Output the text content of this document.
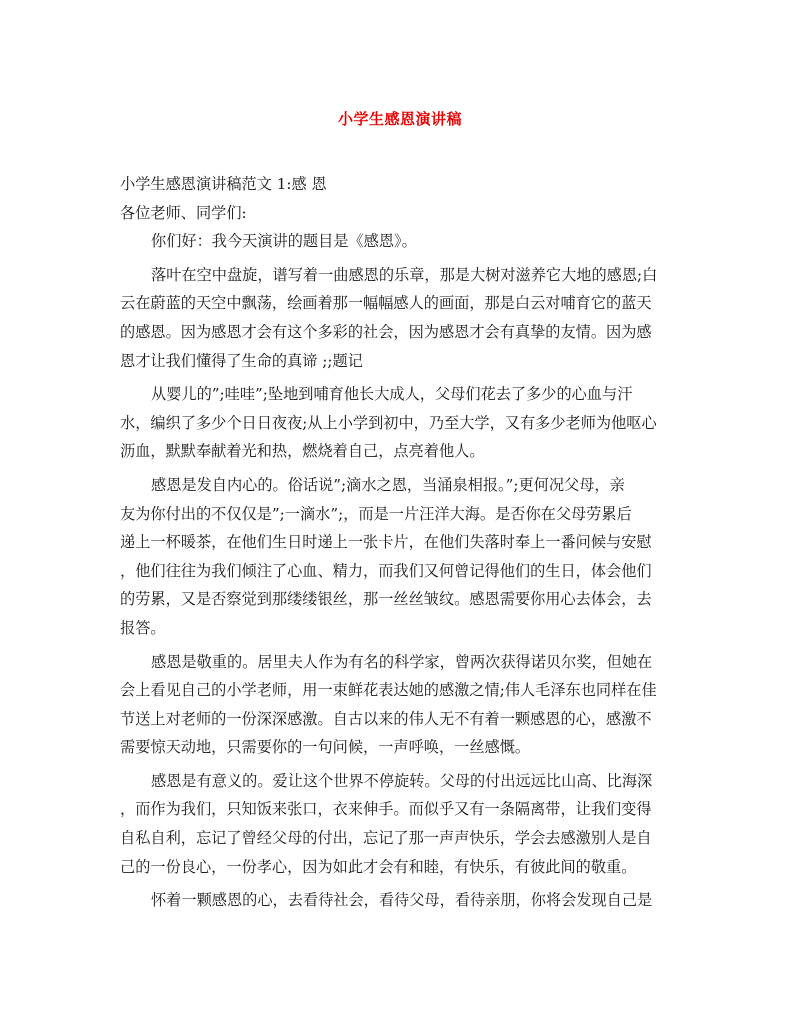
小学生感恩演讲稿
小学生感恩演讲稿范文 1:感 恩
各位老师、同学们:
你们好：我今天演讲的题目是《感恩》。
落叶在空中盘旋，谱写着一曲感恩的乐章，那是大树对滋养它大地的感恩;白
云在蔚蓝的天空中飘荡，绘画着那一幅幅感人的画面，那是白云对哺育它的蓝天
的感恩。因为感恩才会有这个多彩的社会，因为感恩才会有真挚的友情。因为感
恩才让我们懂得了生命的真谛 ;;题记
从婴儿的”;哇哇”;坠地到哺育他长大成人，父母们花去了多少的心血与汗
水，编织了多少个日日夜夜;从上小学到初中，乃至大学，又有多少老师为他呕心
沥血，默默奉献着光和热，燃烧着自己，点亮着他人。
感恩是发自内心的。俗话说”;滴水之恩，当涌泉相报。”;更何况父母，亲
友为你付出的不仅仅是”;一滴水”;，而是一片汪洋大海。是否你在父母劳累后
递上一杯暖茶，在他们生日时递上一张卡片，在他们失落时奉上一番问候与安慰
，他们往往为我们倾注了心血、精力，而我们又何曾记得他们的生日，体会他们
的劳累，又是否察觉到那缕缕银丝，那一丝丝皱纹。感恩需要你用心去体会，去
报答。
感恩是敬重的。居里夫人作为有名的科学家，曾两次获得诺贝尔奖，但她在
会上看见自己的小学老师，用一束鲜花表达她的感激之情;伟人毛泽东也同样在佳
节送上对老师的一份深深感激。自古以来的伟人无不有着一颗感恩的心，感激不
需要惊天动地，只需要你的一句问候，一声呼唤，一丝感慨。
感恩是有意义的。爱让这个世界不停旋转。父母的付出远远比山高、比海深
，而作为我们，只知饭来张口，衣来伸手。而似乎又有一条隔离带，让我们变得
自私自利，忘记了曾经父母的付出，忘记了那一声声快乐，学会去感激别人是自
己的一份良心，一份孝心，因为如此才会有和睦，有快乐，有彼此间的敬重。
怀着一颗感恩的心，去看待社会，看待父母，看待亲朋，你将会发现自己是
